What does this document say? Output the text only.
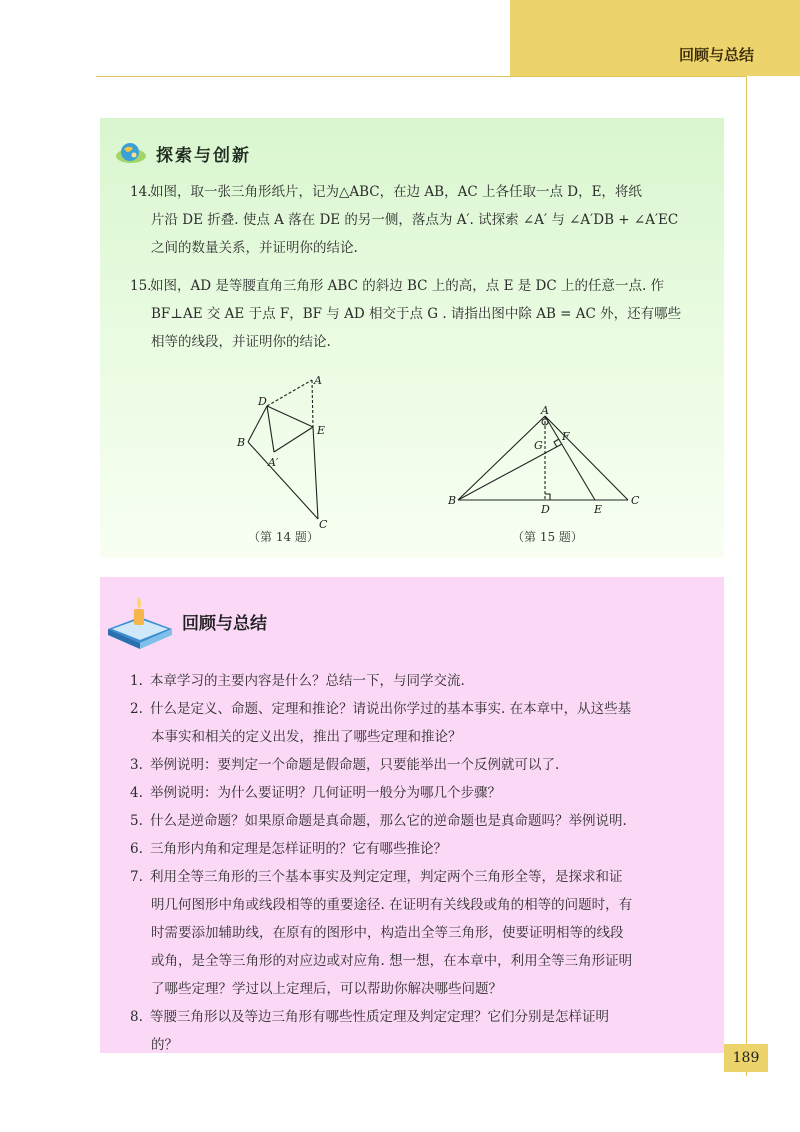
回顾与总结
探索与创新

14.如图，取一张三角形纸片，记为△ABC，在边 AB，AC 上各任取一点 D，E，将纸

片沿 DE 折叠. 使点 A 落在 DE 的另一侧，落点为 A′. 试探索 ∠A′ 与 ∠A′DB + ∠A′EC

之间的数量关系，并证明你的结论.

15.如图，AD 是等腰直角三角形 ABC 的斜边 BC 上的高，点 E 是 DC 上的任意一点. 作

BF⊥AE 交 AE 于点 F，BF 与 AD 相交于点 G . 请指出图中除 AB = AC 外，还有哪些

相等的线段，并证明你的结论.

A
D
E
B
A′
C
A
G
F
B
D	E
C
（第 14 题）	（第 15 题）
回顾与总结

1. 本章学习的主要内容是什么？总结一下，与同学交流.

2. 什么是定义、命题、定理和推论？请说出你学过的基本事实. 在本章中，从这些基

本事实和相关的定义出发，推出了哪些定理和推论？

3. 举例说明：要判定一个命题是假命题，只要能举出一个反例就可以了.

4. 举例说明：为什么要证明？几何证明一般分为哪几个步骤？

5. 什么是逆命题？如果原命题是真命题，那么它的逆命题也是真命题吗？举例说明.

6. 三角形内角和定理是怎样证明的？它有哪些推论？

7. 利用全等三角形的三个基本事实及判定定理，判定两个三角形全等，是探求和证

明几何图形中角或线段相等的重要途径. 在证明有关线段或角的相等的问题时，有

时需要添加辅助线，在原有的图形中，构造出全等三角形，使要证明相等的线段

或角，是全等三角形的对应边或对应角. 想一想，在本章中，利用全等三角形证明

了哪些定理？学过以上定理后，可以帮助你解决哪些问题？

8. 等腰三角形以及等边三角形有哪些性质定理及判定定理？它们分别是怎样证明

的？

189
